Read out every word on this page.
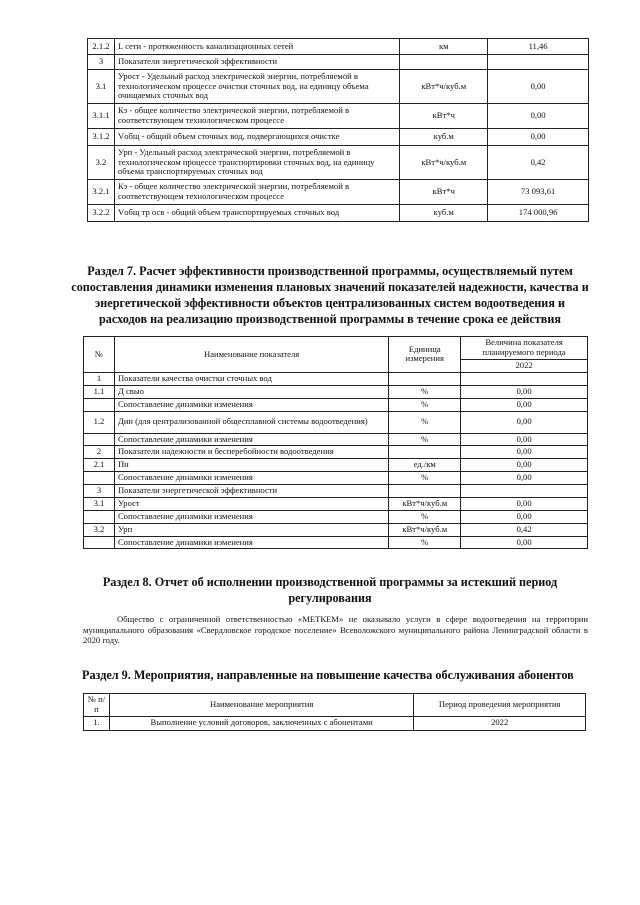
2.1.2	L сети - протяженность канализационных сетей	км	11,46
3	Показатели энергетической эффективности		
3.1	Урост - Удельный расход электрической энергии, потребляемой в технологическом процессе очистки сточных вод, на единицу объема очищаемых сточных вод	кВт*ч/куб.м	0,00
3.1.1	Кэ - общее количество электрической энергии, потребляемой в соответствующем технологическом процессе	кВт*ч	0,00
3.1.2	Vобщ - общий объем сточных вод, подвергающихся очистке	куб.м	0,00
3.2	Урп - Удельный расход электрической энергии, потребляемой в технологическом процессе транспортировки сточных вод, на единицу объема транспортируемых сточных вод	кВт*ч/куб.м	0,42
3.2.1	Кэ - общее количество электрической энергии, потребляемой в соответствующем технологическом процессе	кВт*ч	73 093,61
3.2.2	Vобщ тр осв - общий объем транспортируемых сточных вод	куб.м	174 000,96
Раздел 7. Расчет эффективности производственной программы, осуществляемый путем сопоставления динамики изменения плановых значений показателей надежности, качества и энергетической эффективности объектов централизованных систем водоотведения и расходов на реализацию производственной программы в течение срока ее действия
№	Наименование показателя	Единица измерения	Величина показателя планируемого периода
			2022
1	Показатели качества очистки сточных вод		
1.1	Д свыо	%	0,00
	Сопоставление динамики изменения	%	0,00
1.2	Дин (для централизованной общесплавной системы водоотведения)	%	0,00
	Сопоставление динамики изменения	%	0,00
2	Показатели надежности и бесперебойности водоотведения		0,00
2.1	Пн	ед./км	0,00
	Сопоставление динамики изменения	%	0,00
3	Показатели энергетической эффективности		
3.1	Урост	кВт*ч/куб.м	0,00
	Сопоставление динамики изменения	%	0,00
3.2	Урп	кВт*ч/куб.м	0,42
	Сопоставление динамики изменения	%	0,00
Раздел 8. Отчет об исполнении производственной программы за истекший период регулирования

Общество с ограниченной ответственностью «МЕТКЕМ» не оказывало услуги в сфере водоотведения на территории муниципального образования «Свердловское городское поселение» Всеволожского муниципального района Ленинградской области в 2020 году.

Раздел 9. Мероприятия, направленные на повышение качества обслуживания абонентов
№ п/п	Наименование мероприятия	Период проведения мероприятия
1.	Выполнение условий договоров, заключенных с абонентами	2022
